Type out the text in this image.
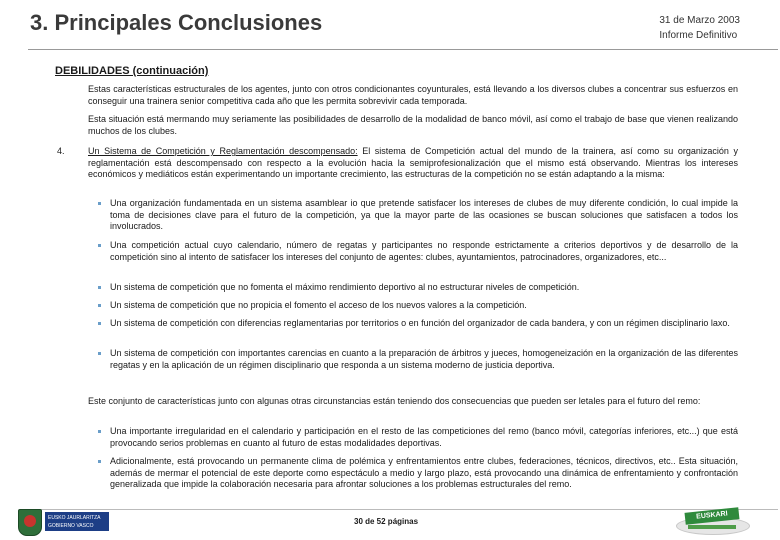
3. Principales Conclusiones	31 de Marzo 2003
Informe Definitivo
DEBILIDADES (continuación)
Estas características estructurales de los agentes, junto con otros condicionantes coyunturales, está llevando a los diversos clubes a concentrar sus esfuerzos en conseguir una trainera senior competitiva cada año que les permita sobrevivir cada temporada.
Esta situación está mermando muy seriamente las posibilidades de desarrollo de la modalidad de banco móvil, así como el trabajo de base que vienen realizando muchos de los clubes.
4.	Un Sistema de Competición y Reglamentación descompensado: El sistema de Competición actual del mundo de la trainera, así como su organización y reglamentación está descompensado con respecto a la evolución hacia la semiprofesionalización que el mismo está observando. Mientras los intereses económicos y mediáticos están experimentando un importante crecimiento, las estructuras de la competición no se están adaptando a la misma:
Una organización fundamentada en un sistema asamblear io que pretende satisfacer los intereses de clubes de muy diferente condición, lo cual impide la toma de decisiones clave para el futuro de la competición, ya que la mayor parte de las ocasiones se buscan soluciones que satisfacen a todos los involucrados.
Una competición actual cuyo calendario, número de regatas y participantes no responde estrictamente a criterios deportivos y de desarrollo de la competición sino al intento de satisfacer los intereses del conjunto de agentes: clubes, ayuntamientos, patrocinadores, organizadores, etc...
Un sistema de competición que no fomenta el máximo rendimiento deportivo al no estructurar niveles de competición.
Un sistema de competición que no propicia el fomento el acceso de los nuevos valores a la competición.
Un sistema de competición con diferencias reglamentarias por territorios o en función del organizador de cada bandera, y con un régimen disciplinario laxo.
Un sistema de competición con importantes carencias en cuanto a la preparación de árbitros y jueces, homogeneización en la organización de las diferentes regatas y en la aplicación de un régimen disciplinario que responda a un sistema moderno de justicia deportiva.
Este conjunto de características junto con algunas otras circunstancias están teniendo dos consecuencias que pueden ser letales para el futuro del remo:
Una importante irregularidad en el calendario y participación en el resto de las competiciones del remo (banco móvil, categorías inferiores, etc...) que está provocando serios problemas en cuanto al futuro de estas modalidades deportivas.
Adicionalmente, está provocando un permanente clima de polémica y enfrentamientos entre clubes, federaciones, técnicos, directivos, etc.. Esta situación, además de mermar el potencial de este deporte como espectáculo a medio y largo plazo, está provocando una dinámica de enfrentamiento y confrontación generalizada que impide la colaboración necesaria para afrontar soluciones a los problemas estructurales del remo.
EUSKO JAURLARITZA
GOBIERNO VASCO	30 de 52 páginas
EUSKARI
